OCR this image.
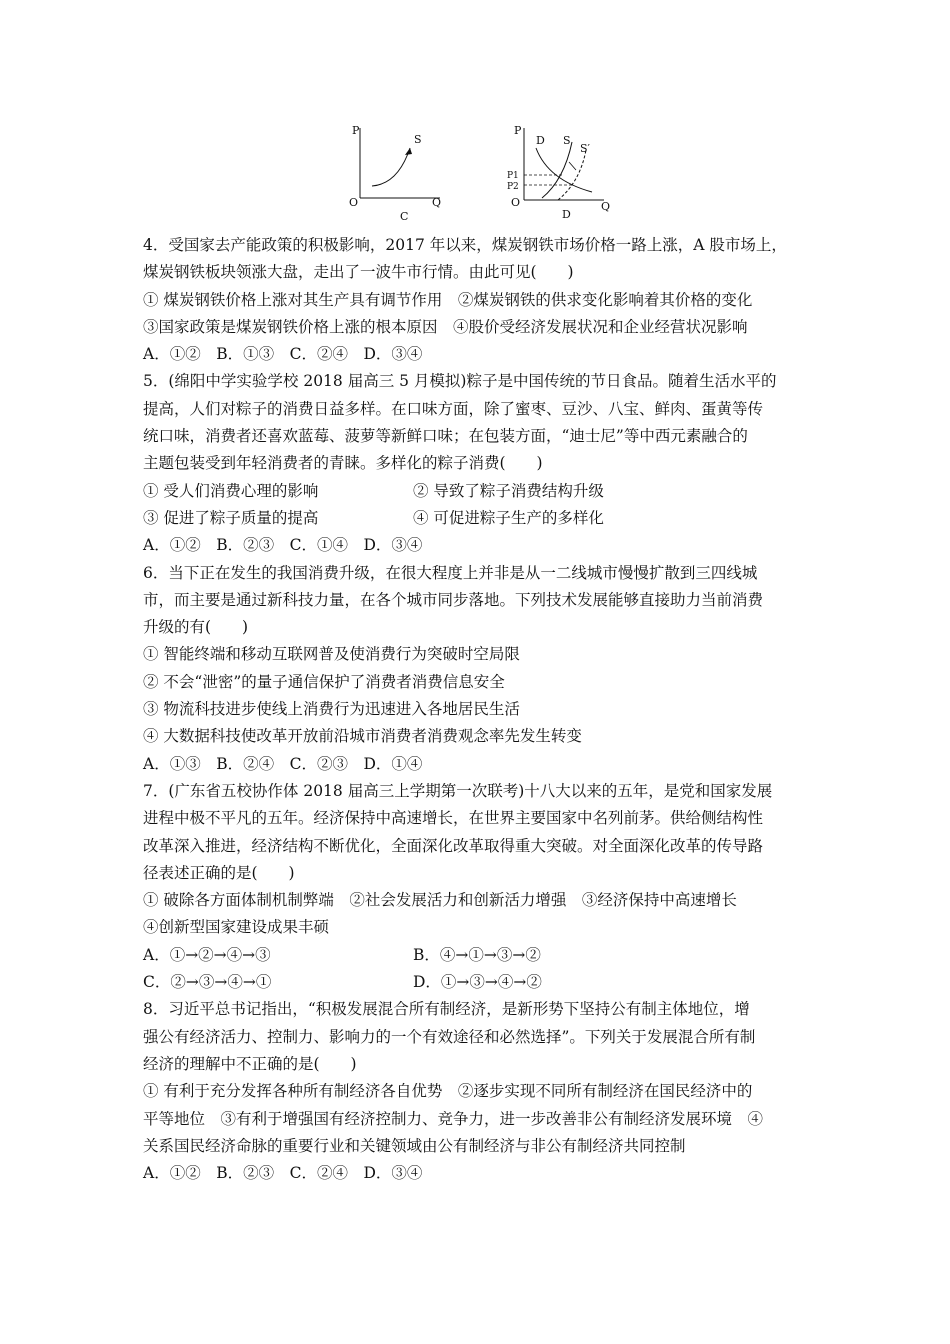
P
O	Q
C
S
P
O	Q
D
D S
S′
P1
P2
4．受国家去产能政策的积极影响，2017 年以来，煤炭钢铁市场价格一路上涨，A 股市场上，
煤炭钢铁板块领涨大盘，走出了一波牛市行情。由此可见(　　)
① 煤炭钢铁价格上涨对其生产具有调节作用　②煤炭钢铁的供求变化影响着其价格的变化
③国家政策是煤炭钢铁价格上涨的根本原因　④股价受经济发展状况和企业经营状况影响
A．①②　B．①③　C．②④　D．③④
5．(绵阳中学实验学校 2018 届高三 5 月模拟)粽子是中国传统的节日食品。随着生活水平的
提高，人们对粽子的消费日益多样。在口味方面，除了蜜枣、豆沙、八宝、鲜肉、蛋黄等传
统口味，消费者还喜欢蓝莓、菠萝等新鲜口味；在包装方面，“迪士尼”等中西元素融合的
主题包装受到年轻消费者的青睐。多样化的粽子消费(　　)
① 受人们消费心理的影响	② 导致了粽子消费结构升级
③ 促进了粽子质量的提高	④ 可促进粽子生产的多样化
A．①②　B．②③　C．①④　D．③④
6．当下正在发生的我国消费升级，在很大程度上并非是从一二线城市慢慢扩散到三四线城
市，而主要是通过新科技力量，在各个城市同步落地。下列技术发展能够直接助力当前消费
升级的有(　　)
① 智能终端和移动互联网普及使消费行为突破时空局限
② 不会“泄密”的量子通信保护了消费者消费信息安全
③ 物流科技进步使线上消费行为迅速进入各地居民生活
④ 大数据科技使改革开放前沿城市消费者消费观念率先发生转变
A．①③　B．②④　C．②③　D．①④
7．(广东省五校协作体 2018 届高三上学期第一次联考)十八大以来的五年，是党和国家发展
进程中极不平凡的五年。经济保持中高速增长，在世界主要国家中名列前茅。供给侧结构性
改革深入推进，经济结构不断优化，全面深化改革取得重大突破。对全面深化改革的传导路
径表述正确的是(　　)
① 破除各方面体制机制弊端　②社会发展活力和创新活力增强　③经济保持中高速增长
④创新型国家建设成果丰硕
A．①→②→④→③	B．④→①→③→②
C．②→③→④→①	D．①→③→④→②
8．习近平总书记指出，“积极发展混合所有制经济，是新形势下坚持公有制主体地位，增
强公有经济活力、控制力、影响力的一个有效途径和必然选择”。下列关于发展混合所有制
经济的理解中不正确的是(　　)
① 有利于充分发挥各种所有制经济各自优势　②逐步实现不同所有制经济在国民经济中的
平等地位　③有利于增强国有经济控制力、竞争力，进一步改善非公有制经济发展环境　④
关系国民经济命脉的重要行业和关键领域由公有制经济与非公有制经济共同控制
A．①②　B．②③　C．②④　D．③④
